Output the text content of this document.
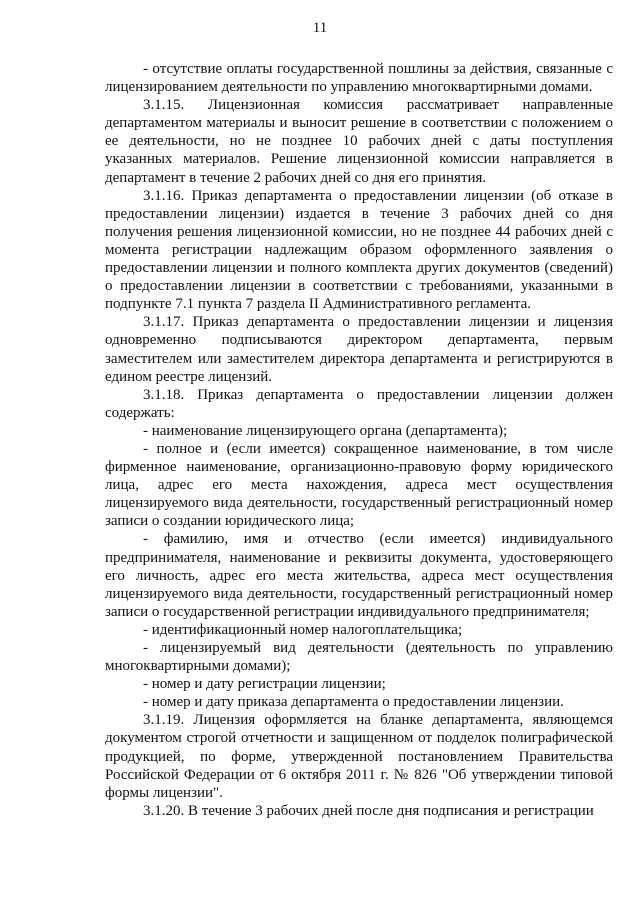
11

- отсутствие оплаты государственной пошлины за действия, связанные с лицензированием деятельности по управлению многоквартирными домами.

3.1.15. Лицензионная комиссия рассматривает направленные департаментом материалы и выносит решение в соответствии с положением о ее деятельности, но не позднее 10 рабочих дней с даты поступления указанных материалов. Решение лицензионной комиссии направляется в департамент в течение 2 рабочих дней со дня его принятия.

3.1.16. Приказ департамента о предоставлении лицензии (об отказе в предоставлении лицензии) издается в течение 3 рабочих дней со дня получения решения лицензионной комиссии, но не позднее 44 рабочих дней с момента регистрации надлежащим образом оформленного заявления о предоставлении лицензии и полного комплекта других документов (сведений) о предоставлении лицензии в соответствии с требованиями, указанными в подпункте 7.1 пункта 7 раздела II Административного регламента.

3.1.17. Приказ департамента о предоставлении лицензии и лицензия одновременно подписываются директором департамента, первым заместителем или заместителем директора департамента и регистрируются в едином реестре лицензий.

3.1.18. Приказ департамента о предоставлении лицензии должен содержать:

- наименование лицензирующего органа (департамента);

- полное и (если имеется) сокращенное наименование, в том числе фирменное наименование, организационно-правовую форму юридического лица, адрес его места нахождения, адреса мест осуществления лицензируемого вида деятельности, государственный регистрационный номер записи о создании юридического лица;

- фамилию, имя и отчество (если имеется) индивидуального предпринимателя, наименование и реквизиты документа, удостоверяющего его личность, адрес его места жительства, адреса мест осуществления лицензируемого вида деятельности, государственный регистрационный номер записи о государственной регистрации индивидуального предпринимателя;

- идентификационный номер налогоплательщика;

- лицензируемый вид деятельности (деятельность по управлению многоквартирными домами);

- номер и дату регистрации лицензии;

- номер и дату приказа департамента о предоставлении лицензии.

3.1.19. Лицензия оформляется на бланке департамента, являющемся документом строгой отчетности и защищенном от подделок полиграфической продукцией, по форме, утвержденной постановлением Правительства Российской Федерации от 6 октября 2011 г. № 826 "Об утверждении типовой формы лицензии".

3.1.20. В течение 3 рабочих дней после дня подписания и регистрации
